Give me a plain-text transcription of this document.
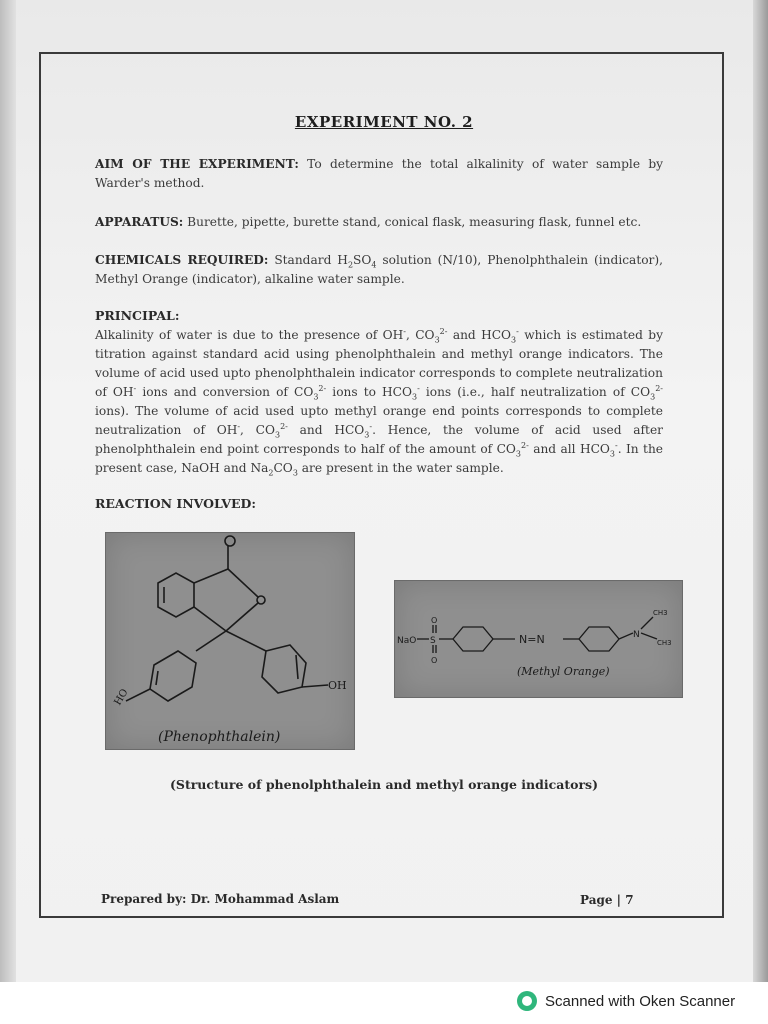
EXPERIMENT NO. 2
AIM OF THE EXPERIMENT: To determine the total alkalinity of water sample by Warder's method.
APPARATUS: Burette, pipette, burette stand, conical flask, measuring flask, funnel etc.
CHEMICALS REQUIRED: Standard $H_2SO_4$ solution (N/10), Phenolphthalein (indicator), Methyl Orange (indicator), alkaline water sample.
PRINCIPAL:
Alkalinity of water is due to the presence of OH-, $CO_3^{2-}$ and $HCO_3^-$ which is estimated by titration against standard acid using phenolphthalein and methyl orange indicators. The volume of acid used upto phenolphthalein indicator corresponds to complete neutralization of OH- ions and conversion of $CO_3^{2-}$ ions to $HCO_3^-$ ions (i.e., half neutralization of $CO_3^{2-}$ ions). The volume of acid used upto methyl orange end points corresponds to complete neutralization of OH-, $CO_3^{2-}$ and $HCO_3^-$. Hence, the volume of acid used after phenolphthalein end point corresponds to half of the amount of $CO_3^{2-}$ and all $HCO_3^-$. In the present case, NaOH and $Na_2CO_3$ are present in the water sample.
REACTION INVOLVED:
OH
HO
(Phenophthalein)
NaO S
O
O
N=N	N
CH3
CH3
(Methyl Orange)
(Structure of phenolphthalein and methyl orange indicators)
Prepared by: Dr. Mohammad Aslam	Page | 7
Scanned with Oken Scanner
